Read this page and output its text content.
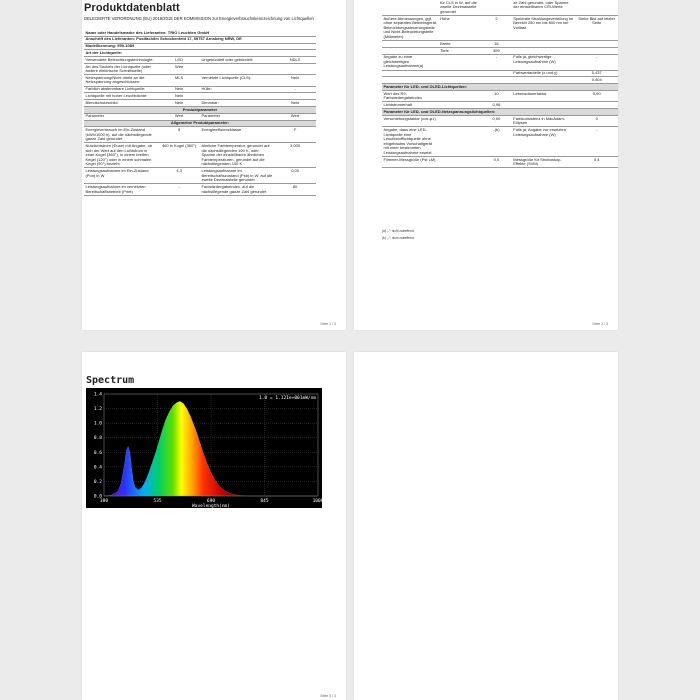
Produktdatenblatt
DELEGIERTE VERORDNUNG (EU) 2019/2015 DER KOMMISSION zur Energieverbrauchskennzeichnung von Lichtquellen
Name oder Handelsmarke des Lieferanten: TRIO Leuchten GmbH			
Anschrift des Lieferanten: Postfach/Im Schockenfeld 17, 59757 Arnsberg NRW, DE			
Modellkennung: 959-1089			
Art der Lichtquelle:			
Verwendete Beleuchtungstechnologie:	LED	Ungebündelt oder gebündelt:	NDLS
Art des Sockels der Lichtquelle (oder andere elektrische Schnittstelle)	Wire		
Netzspannung/Nicht direkt an die Netzspannung angeschlossen:	MLS	Vernetzte Lichtquelle (CLS):	Nein
Farblich abstimmbare Lichtquelle:	Nein	Hülle:	-
Lichtquelle mit hoher Leuchtdichte:	Nein		
Blendschutzschild:	Nein	Dimmbar:	Nein
Produktparameter			
Parameter	Wert	Parameter	Wert
Allgemeine Produktparameter:			
Energieverbrauch im Ein-Zustand (kWh/1000 h), auf die nächstliegende ganze Zahl gerundet	5	Energieeffizienzklasse	F
Nutzlichtstrom (Φuse) mit Angabe, ob sich der Wert auf den Lichtstrom in einer Kugel (360°), in einem breiten Kegel (120°) oder in einem schmalen Kegel (90°) bezieht	460 in Kugel (360°)	ähnliche Farbtemperatur, gerundet auf die nächstliegenden 100 K, oder Spanne der einstellbaren ähnlichen Farbtemperaturen, gerundet auf die nächstliegenden 100 K	3 000
Leistungsaufnahme im Ein-Zustand (Pon) in W	4,3	Leistungsaufnahme im Bereitschaftszustand (Psb) in W, auf die zweite Dezimalstelle gerundet	0,00
Leistungsaufnahme im vernetzten Bereitschaftsbetrieb (Pnet)	-	Farbwiedergabeindex, auf die nächstliegende ganze Zahl gerundet	80
Seite 1 / 3
	für CLS in W, auf die zweite Dezimalstelle gerundet		ze Zahl gerundet, oder Spanne der einstellbaren CRI-Werte	
Äußere Abmessungen, ggf. ohne separates Betriebsgerät, Beleuchtungssteuerungsteile und Nicht-Beleuchtungsteile (Millimeter)	Höhe	2	Spektrale Strahlungsverteilung im Bereich 250 nm bis 800 nm bei Volllast	Siehe Bild auf letzter Seite
	Breite	16		
	Tiefe	399		
Angabe zu einer gleichwertigen Leistungsaufnahme(a)		-	Falls ja, gleichwertige Leistungsaufnahme (W)	-
			Farbwertanteile (x und y)	0,437
				0,404
Parameter für LED- und OLED-Lichtquellen:				
Wert des R9-Farbwiedergabeindex		10	Lebensdauerfaktor	0,90
Lichtstromerhalt		0,96		
Parameter für LED- und OLED-Netzspannungslichtquellen:				
Verschiebungsfaktor (cos φ1)		0,00	Farbkonsistenz in MacAdam-Ellipsen	0
Angabe, dass eine LED-Lichtquelle eine Leuchtstofflichtquelle ohne eingebautes Vorschaltgerät mit einer bestimmten Leistungsaufnahme ersetzt.		-(b)	Falls ja, Angabe zur ersetzten Leistungsaufnahme (W)	-
Flimmer-Messgröße (Pst LM)		0,0	Messgröße für Stroboskop-Effekte (SVM)	0,4
(a) „-“: nicht zutreffend;
(b) „-“: nicht zutreffend;
Seite 2 / 3
Spectrum
0.0
0.2
0.4
0.6
0.8
1.0
1.2
1.4
380	535	690	845	1000
1.0 = 1.121e+001mW/nm
Wavelength(nm)
Seite 3 / 3
